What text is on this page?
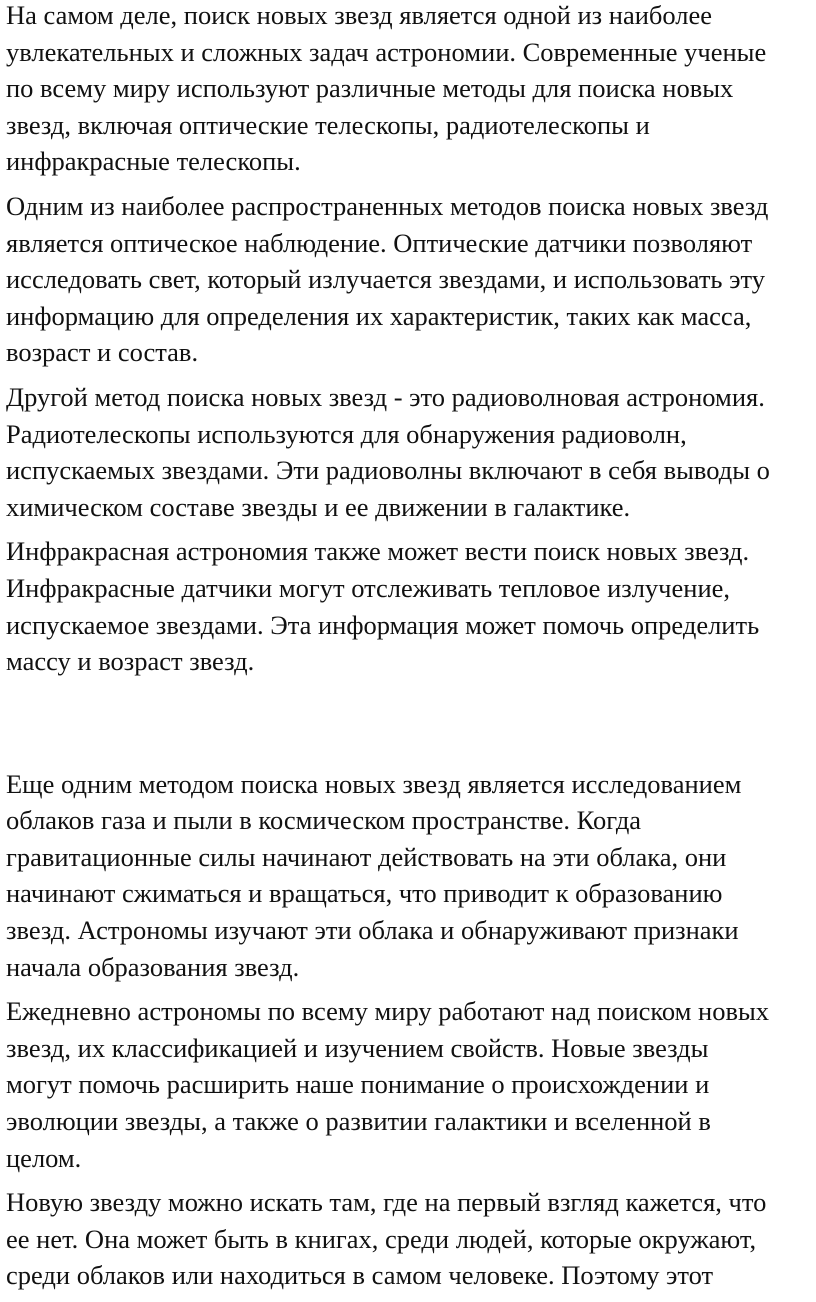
На самом деле, поиск новых звезд является одной из наиболее
увлекательных и сложных задач астрономии. Современные ученые
по всему миру используют различные методы для поиска новых
звезд, включая оптические телескопы, радиотелескопы и
инфракрасные телескопы.

Одним из наиболее распространенных методов поиска новых звезд
является оптическое наблюдение. Оптические датчики позволяют
исследовать свет, который излучается звездами, и использовать эту
информацию для определения их характеристик, таких как масса,
возраст и состав.

Другой метод поиска новых звезд - это радиоволновая астрономия.
Радиотелескопы используются для обнаружения радиоволн,
испускаемых звездами. Эти радиоволны включают в себя выводы о
химическом составе звезды и ее движении в галактике.

Инфракрасная астрономия также может вести поиск новых звезд.
Инфракрасные датчики могут отслеживать тепловое излучение,
испускаемое звездами. Эта информация может помочь определить
массу и возраст звезд.

Еще одним методом поиска новых звезд является исследованием
облаков газа и пыли в космическом пространстве. Когда
гравитационные силы начинают действовать на эти облака, они
начинают сжиматься и вращаться, что приводит к образованию
звезд. Астрономы изучают эти облака и обнаруживают признаки
начала образования звезд.

Ежедневно астрономы по всему миру работают над поиском новых
звезд, их классификацией и изучением свойств. Новые звезды
могут помочь расширить наше понимание о происхождении и
эволюции звезды, а также о развитии галактики и вселенной в
целом.

Новую звезду можно искать там, где на первый взгляд кажется, что
ее нет. Она может быть в книгах, среди людей, которые окружают,
среди облаков или находиться в самом человеке. Поэтому этот
